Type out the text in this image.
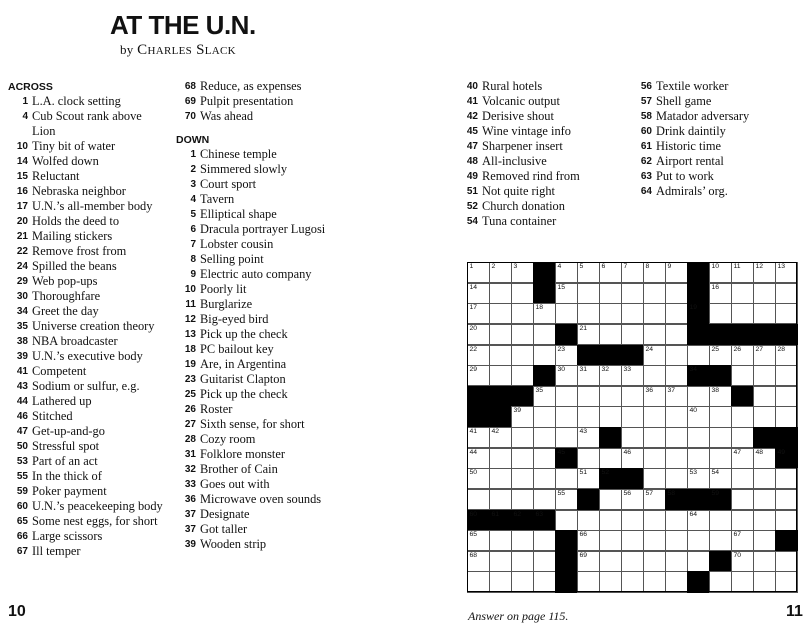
AT THE U.N.
by Charles Slack
ACROSS
1 L.A. clock setting
4 Cub Scout rank above
Lion
10 Tiny bit of water
14 Wolfed down
15 Reluctant
16 Nebraska neighbor
17 U.N.’s all-member body
20 Holds the deed to
21 Mailing stickers
22 Remove frost from
24 Spilled the beans
29 Web pop-ups
30 Thoroughfare
34 Greet the day
35 Universe creation theory
38 NBA broadcaster
39 U.N.’s executive body
41 Competent
43 Sodium or sulfur, e.g.
44 Lathered up
46 Stitched
47 Get-up-and-go
50 Stressful spot
53 Part of an act
55 In the thick of
59 Poker payment
60 U.N.’s peacekeeping body
65 Some nest eggs, for short
66 Large scissors
67 Ill temper
68 Reduce, as expenses
69 Pulpit presentation
70 Was ahead
DOWN
1 Chinese temple
2 Simmered slowly
3 Court sport
4 Tavern
5 Elliptical shape
6 Dracula portrayer Lugosi
7 Lobster cousin
8 Selling point
9 Electric auto company
10 Poorly lit
11 Burglarize
12 Big-eyed bird
13 Pick up the check
18 PC bailout key
19 Are, in Argentina
23 Guitarist Clapton
25 Pick up the check
26 Roster
27 Sixth sense, for short
28 Cozy room
31 Folklore monster
32 Brother of Cain
33 Goes out with
36 Microwave oven sounds
37 Designate
37 Got taller
39 Wooden strip
40 Rural hotels
41 Volcanic output
42 Derisive shout
45 Wine vintage info
47 Sharpener insert
48 All-inclusive
49 Removed rind from
51 Not quite right
52 Church donation
54 Tuna container
56 Textile worker
57 Shell game
58 Matador adversary
60 Drink daintily
61 Historic time
62 Airport rental
63 Put to work
64 Admirals’ org.
1	2	3	4	5	6	7	8	9	10 11 12 13
14	15	16
17	18	19
20	21
22	23	24	25 26 27 28
29	30 31 32 33	34
35	36 37	38
39	40
41 42	43
44	45	46	47 48 49
50	51 52	53 54
55	56 57 58	59
60 61 62 63	64
65	66	67
68	69	70
10	Answer on page 115.	11
